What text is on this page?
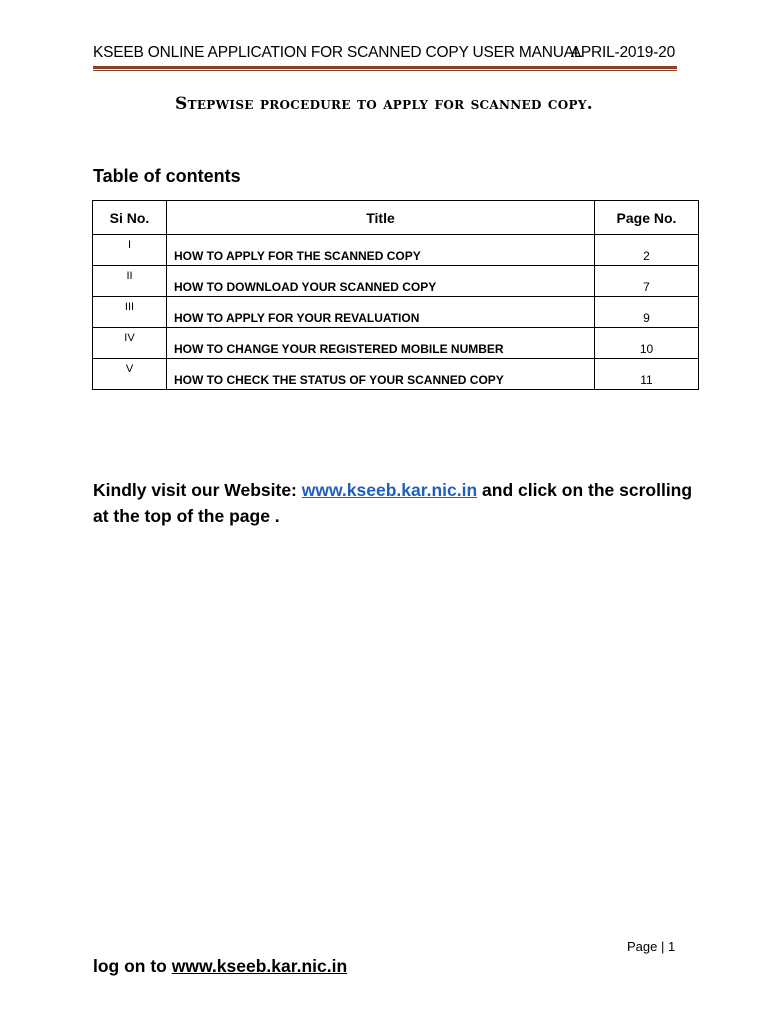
KSEEB ONLINE APPLICATION FOR SCANNED COPY USER MANUAL
APRIL-2019-20
Stepwise procedure to apply for scanned copy.
Table of contents
Si No.	Title	Page No.
I	HOW TO APPLY FOR THE SCANNED COPY	2
II	HOW TO DOWNLOAD YOUR SCANNED COPY	7
III	HOW TO APPLY FOR YOUR REVALUATION	9
IV	HOW TO CHANGE YOUR REGISTERED MOBILE NUMBER	10
V	HOW TO CHECK THE STATUS OF YOUR SCANNED COPY	11
Kindly visit our Website: www.kseeb.kar.nic.in and click on the scrolling at the top of the page .
Page | 1
log on to www.kseeb.kar.nic.in
